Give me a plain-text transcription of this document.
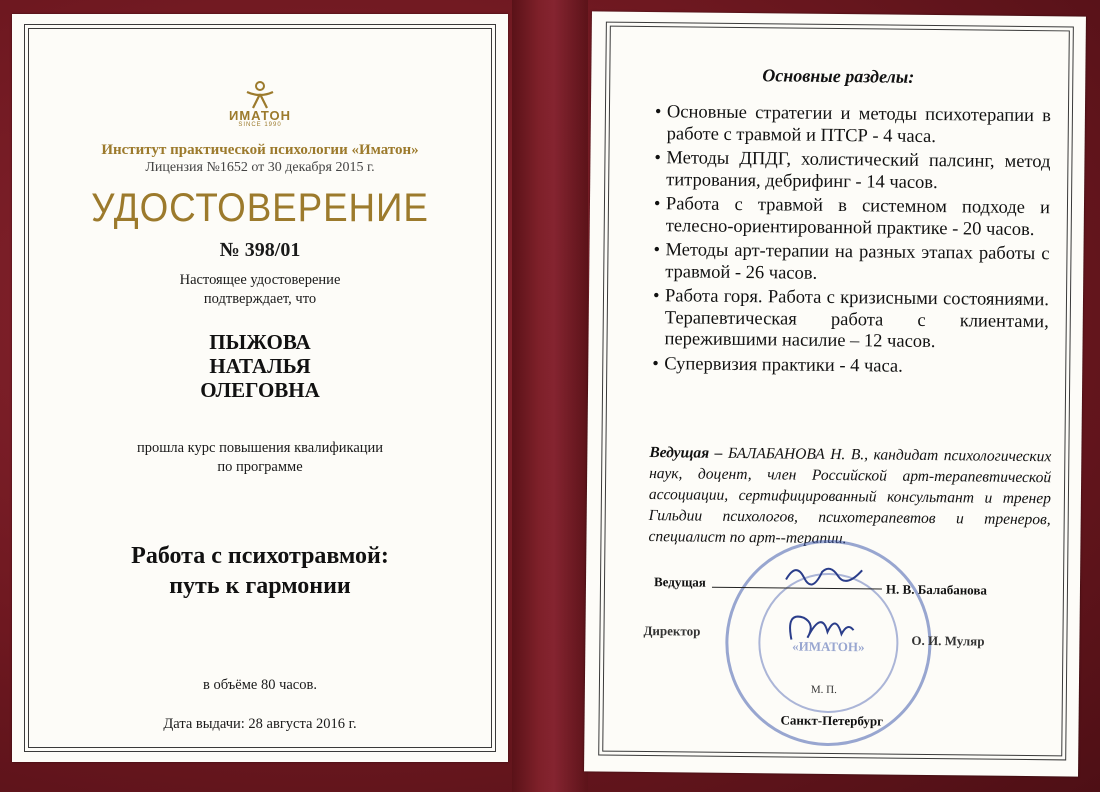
ИМАТОН
SINCE 1990
Институт практической психологии «Иматон»
Лицензия №1652 от 30 декабря 2015 г.
УДОСТОВЕРЕНИЕ
№ 398/01
Настоящее удостоверение
подтверждает, что
ПЫЖОВА
НАТАЛЬЯ
ОЛЕГОВНА
прошла курс повышения квалификации
по программе
Работа с психотравмой:
путь к гармонии
в объёме 80 часов.
Дата выдачи: 28 августа 2016 г.
Основные разделы:
• Основные стратегии и методы психотерапии в работе с травмой и ПТСР - 4 часа.
• Методы ДПДГ, холистический палсинг, метод титрования, дебрифинг - 14 часов.
• Работа с травмой в системном подходе и телесно-ориентированной практике - 20 часов.
• Методы арт-терапии на разных этапах работы с травмой - 26 часов.
• Работа горя. Работа с кризисными состояниями. Терапевтическая работа с клиентами, пережившими насилие – 12 часов.
• Супервизия практики - 4 часа.
Ведущая – БАЛАБАНОВА Н. В., кандидат психологических наук, доцент, член Российской арт-терапевтической ассоциации, сертифицированный консультант и тренер Гильдии психологов, психотерапевтов и тренеров, специалист по арт--терапии.
«ИМАТОН»
Ведущая	Н. В. Балабанова
Директор
О. И. Муляр
М. П.
Санкт-Петербург
